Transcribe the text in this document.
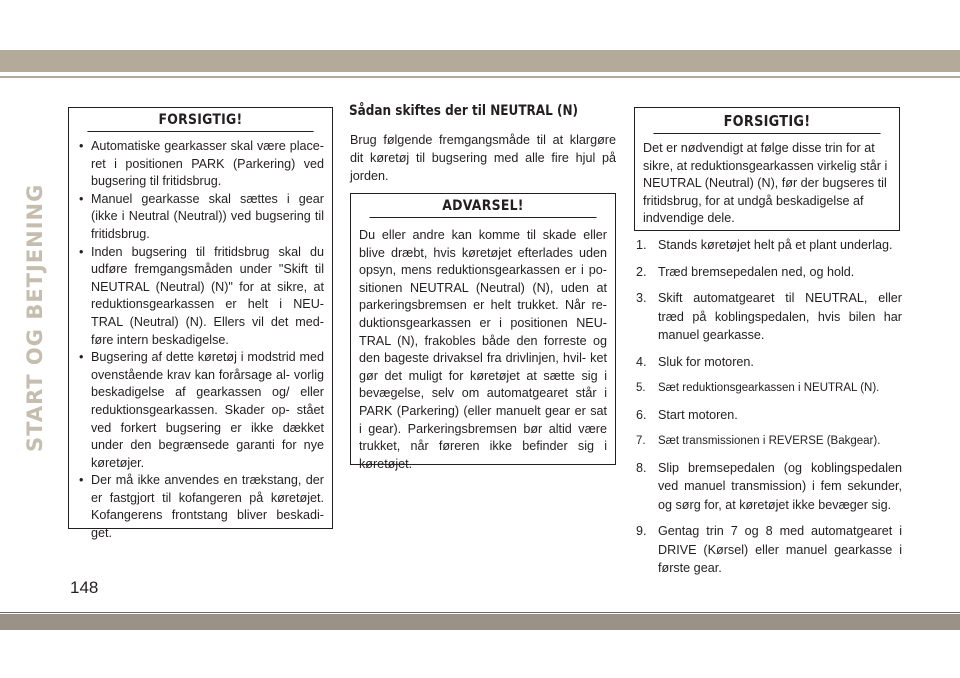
START OG BETJENING
FORSIGTIG!
• Automatiske gearkasser skal være place- ret i positionen PARK (Parkering) ved bugsering til fritidsbrug.
• Manuel gearkasse skal sættes i gear (ikke i Neutral (Neutral)) ved bugsering til fritidsbrug.
• Inden bugsering til fritidsbrug skal du udføre fremgangsmåden under "Skift til NEUTRAL (Neutral) (N)" for at sikre, at reduktionsgearkassen er helt i NEU- TRAL (Neutral) (N). Ellers vil det med- føre intern beskadigelse.
• Bugsering af dette køretøj i modstrid med ovenstående krav kan forårsage al- vorlig beskadigelse af gearkassen og/ eller reduktionsgearkassen. Skader op- stået ved forkert bugsering er ikke dækket under den begrænsede garanti for nye køretøjer.
• Der må ikke anvendes en trækstang, der er fastgjort til kofangeren på køretøjet. Kofangerens frontstang bliver beskadi- get.
Sådan skiftes der til NEUTRAL (N)

Brug følgende fremgangsmåde til at klargøre dit køretøj til bugsering med alle fire hjul på jorden.

ADVARSEL!
Du eller andre kan komme til skade eller blive dræbt, hvis køretøjet efterlades uden opsyn, mens reduktionsgearkassen er i po- sitionen NEUTRAL (Neutral) (N), uden at parkeringsbremsen er helt trukket. Når re- duktionsgearkassen er i positionen NEU- TRAL (N), frakobles både den forreste og den bageste drivaksel fra drivlinjen, hvil- ket gør det muligt for køretøjet at sætte sig i bevægelse, selv om automatgearet står i PARK (Parkering) (eller manuelt gear er sat i gear). Parkeringsbremsen bør altid være trukket, når føreren ikke befinder sig i køretøjet.
FORSIGTIG!
Det er nødvendigt at følge disse trin for at sikre, at reduktionsgearkassen virkelig står i NEUTRAL (Neutral) (N), før der bugseres til fritidsbrug, for at undgå beskadigelse af indvendige dele.
1. Stands køretøjet helt på et plant underlag.
2. Træd bremsepedalen ned, og hold.
3. Skift automatgearet til NEUTRAL, eller træd på koblingspedalen, hvis bilen har manuel gearkasse.
4. Sluk for motoren.
5. Sæt reduktionsgearkassen i NEUTRAL (N).
6. Start motoren.
7. Sæt transmissionen i REVERSE (Bakgear).
8. Slip bremsepedalen (og koblingspedalen ved manuel transmission) i fem sekunder, og sørg for, at køretøjet ikke bevæger sig.
9. Gentag trin 7 og 8 med automatgearet i DRIVE (Kørsel) eller manuel gearkasse i første gear.
148
